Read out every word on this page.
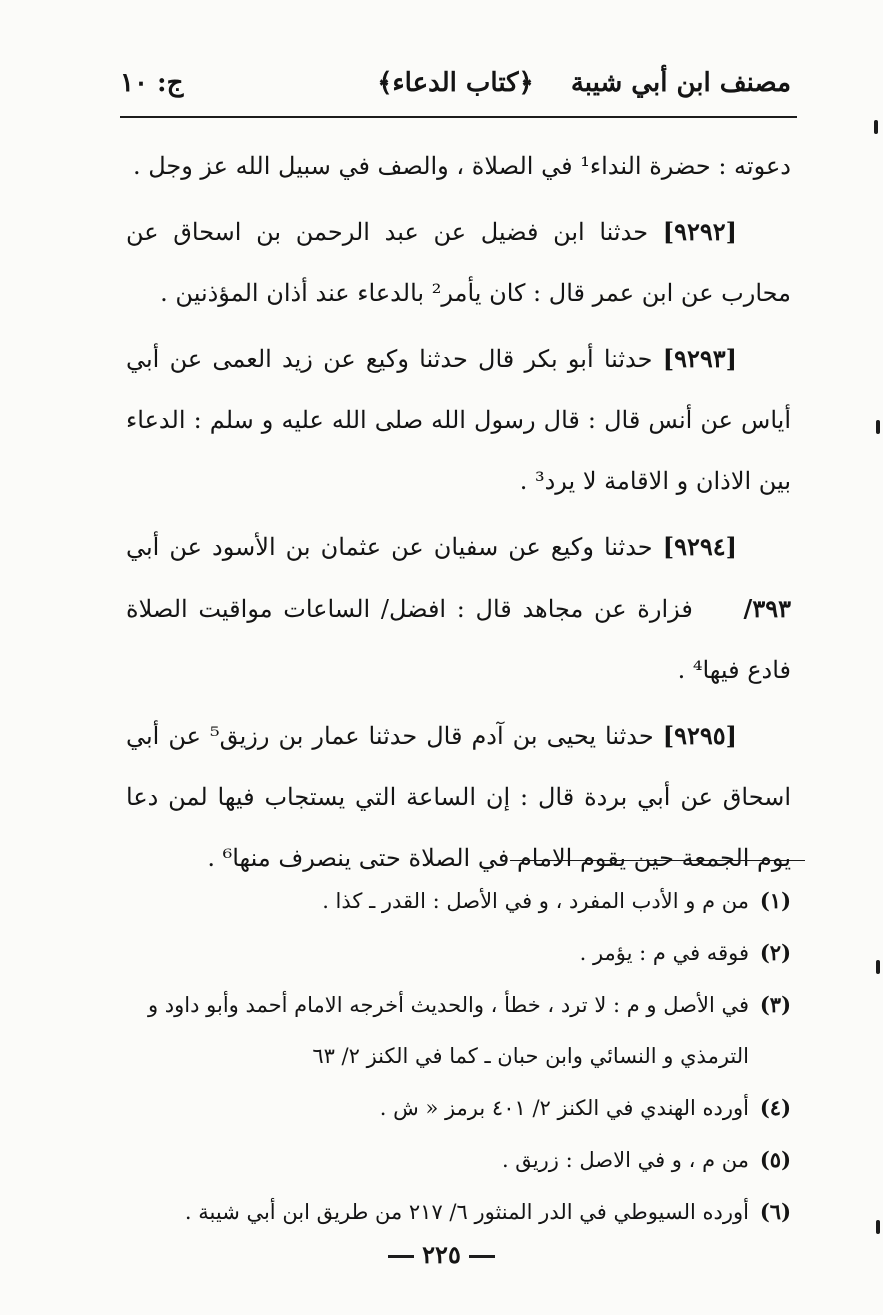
مصنف ابن أبي شيبة
﴿كتاب الدعاء﴾
ج: ١٠

دعوته : حضرة النداء¹ في الصلاة ، والصف في سبيل الله عز وجل .

[٩٢٩٢] حدثنا ابن فضيل عن عبد الرحمن بن اسحاق عن محارب عن ابن عمر قال : كان يأمر² بالدعاء عند أذان المؤذنين .

[٩٢٩٣] حدثنا أبو بكر قال حدثنا وكيع عن زيد العمى عن أبي أياس عن أنس قال : قال رسول الله صلى الله عليه و سلم : الدعاء بين الاذان و الاقامة لا يرد³ .

[٩٢٩٤] حدثنا وكيع عن سفيان عن عثمان بن الأسود عن أبي ٣٩٣/ فزارة عن مجاهد قال : افضل/ الساعات مواقيت الصلاة فادع فيها⁴ .

[٩٢٩٥] حدثنا يحيى بن آدم قال حدثنا عمار بن رزيق⁵ عن أبي اسحاق عن أبي بردة قال : إن الساعة التي يستجاب فيها لمن دعا يوم الجمعة حين يقوم الامام في الصلاة حتى ينصرف منها⁶ .

(١)من م و الأدب المفرد ، و في الأصل : القدر ـ كذا .

(٢)فوقه في م : يؤمر .

(٣)في الأصل و م : لا ترد ، خطأ ، والحديث أخرجه الامام أحمد وأبو داود و الترمذي و النسائي وابن حبان ـ كما في الكنز ٢/ ٦٣

(٤)أورده الهندي في الكنز ٢/ ٤٠١ برمز « ش .

(٥)من م ، و في الاصل : زريق .

(٦)أورده السيوطي في الدر المنثور ٦/ ٢١٧ من طريق ابن أبي شيبة .

٢٢٥
